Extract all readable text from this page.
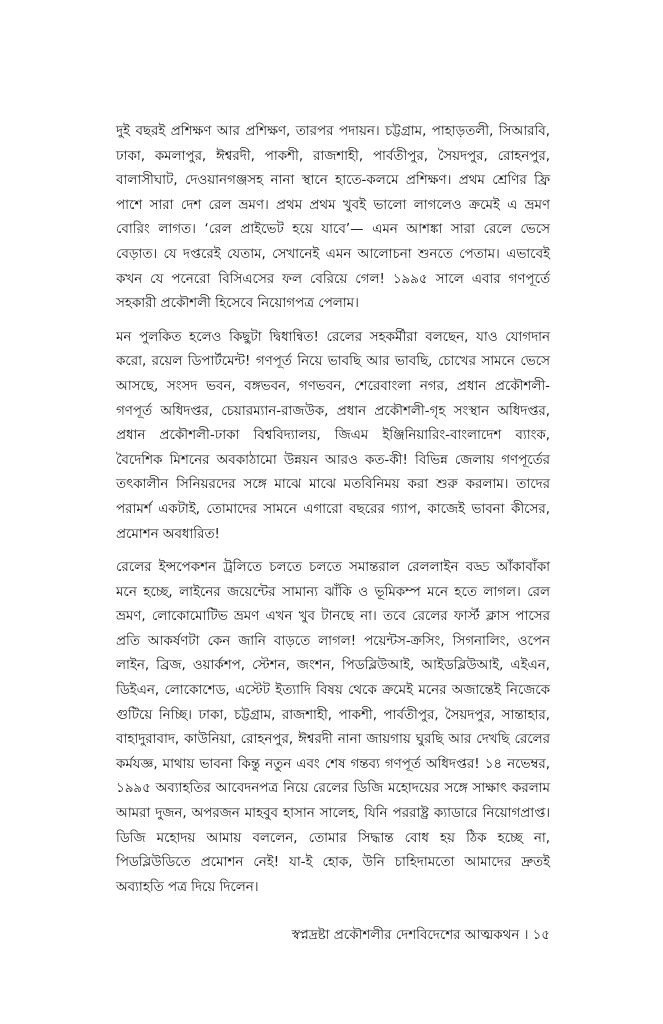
দুই বছরই প্রশিক্ষণ আর প্রশিক্ষণ, তারপর পদায়ন। চট্টগ্রাম, পাহাড়তলী, সিআরবি, ঢাকা, কমলাপুর, ঈশ্বরদী, পাকশী, রাজশাহী, পার্বতীপুর, সৈয়দপুর, রোহনপুর, বালাসীঘাট, দেওয়ানগঞ্জসহ নানা স্থানে হাতে-কলমে প্রশিক্ষণ। প্রথম শ্রেণির ফ্রি পাশে সারা দেশ রেল ভ্রমণ। প্রথম প্রথম খুবই ভালো লাগলেও ক্রমেই এ ভ্রমণ বোরিং লাগত। ‘রেল প্রাইভেট হয়ে যাবে’— এমন আশঙ্কা সারা রেলে ভেসে বেড়াত। যে দপ্তরেই যেতাম, সেখানেই এমন আলোচনা শুনতে পেতাম। এভাবেই কখন যে পনেরো বিসিএসের ফল বেরিয়ে গেল! ১৯৯৫ সালে এবার গণপূর্তে সহকারী প্রকৌশলী হিসেবে নিয়োগপত্র পেলাম।

মন পুলকিত হলেও কিছুটা দ্বিধান্বিত! রেলের সহকর্মীরা বলছেন, যাও যোগদান করো, রয়েল ডিপার্টমেন্ট! গণপূর্ত নিয়ে ভাবছি আর ভাবছি, চোখের সামনে ভেসে আসছে, সংসদ ভবন, বঙ্গভবন, গণভবন, শেরেবাংলা নগর, প্রধান প্রকৌশলী-গণপূর্ত অধিদপ্তর, চেয়ারম্যান-রাজউক, প্রধান প্রকৌশলী-গৃহ সংস্থান অধিদপ্তর, প্রধান প্রকৌশলী-ঢাকা বিশ্ববিদ্যালয়, জিএম ইঞ্জিনিয়ারিং-বাংলাদেশ ব্যাংক, বৈদেশিক মিশনের অবকাঠামো উন্নয়ন আরও কত-কী! বিভিন্ন জেলায় গণপূর্তের তৎকালীন সিনিয়রদের সঙ্গে মাঝে মাঝে মতবিনিময় করা শুরু করলাম। তাদের পরামর্শ একটাই, তোমাদের সামনে এগারো বছরের গ্যাপ, কাজেই ভাবনা কীসের, প্রমোশন অবধারিত!

রেলের ইন্সপেকশন ট্রলিতে চলতে চলতে সমান্তরাল রেললাইন বড্ড আঁকাবাঁকা মনে হচ্ছে, লাইনের জয়েন্টের সামান্য ঝাঁকি ও ভূমিকম্প মনে হতে লাগল। রেল ভ্রমণ, লোকোমোটিভ ভ্রমণ এখন খুব টানছে না। তবে রেলের ফার্স্ট ক্লাস পাসের প্রতি আকর্ষণটা কেন জানি বাড়তে লাগল! পয়েন্টস-ক্রসিং, সিগনালিং, ওপেন লাইন, ব্রিজ, ওয়ার্কশপ, স্টেশন, জংশন, পিডব্লিউআই, আইডব্লিউআই, এইএন, ডিইএন, লোকোশেড, এস্টেট ইত্যাদি বিষয় থেকে ক্রমেই মনের অজান্তেই নিজেকে গুটিয়ে নিচ্ছি। ঢাকা, চট্টগ্রাম, রাজশাহী, পাকশী, পার্বতীপুর, সৈয়দপুর, সান্তাহার, বাহাদুরাবাদ, কাউনিয়া, রোহনপুর, ঈশ্বরদী নানা জায়গায় ঘুরছি আর দেখছি রেলের কর্মযজ্ঞ, মাথায় ভাবনা কিন্তু নতুন এবং শেষ গন্তব্য গণপূর্ত অধিদপ্তর! ১৪ নভেম্বর, ১৯৯৫ অব্যাহতির আবেদনপত্র নিয়ে রেলের ডিজি মহোদয়ের সঙ্গে সাক্ষাৎ করলাম আমরা দুজন, অপরজন মাহবুব হাসান সালেহ, যিনি পররাষ্ট্র ক্যাডারে নিয়োগপ্রাপ্ত। ডিজি মহোদয় আমায় বললেন, তোমার সিদ্ধান্ত বোধ হয় ঠিক হচ্ছে না, পিডব্লিউডিতে প্রমোশন নেই! যা-ই হোক, উনি চাহিদামতো আমাদের দ্রুতই অব্যাহতি পত্র দিয়ে দিলেন।

স্বপ্নদ্রষ্টা প্রকৌশলীর দেশবিদেশের আত্মকথন । ১৫
